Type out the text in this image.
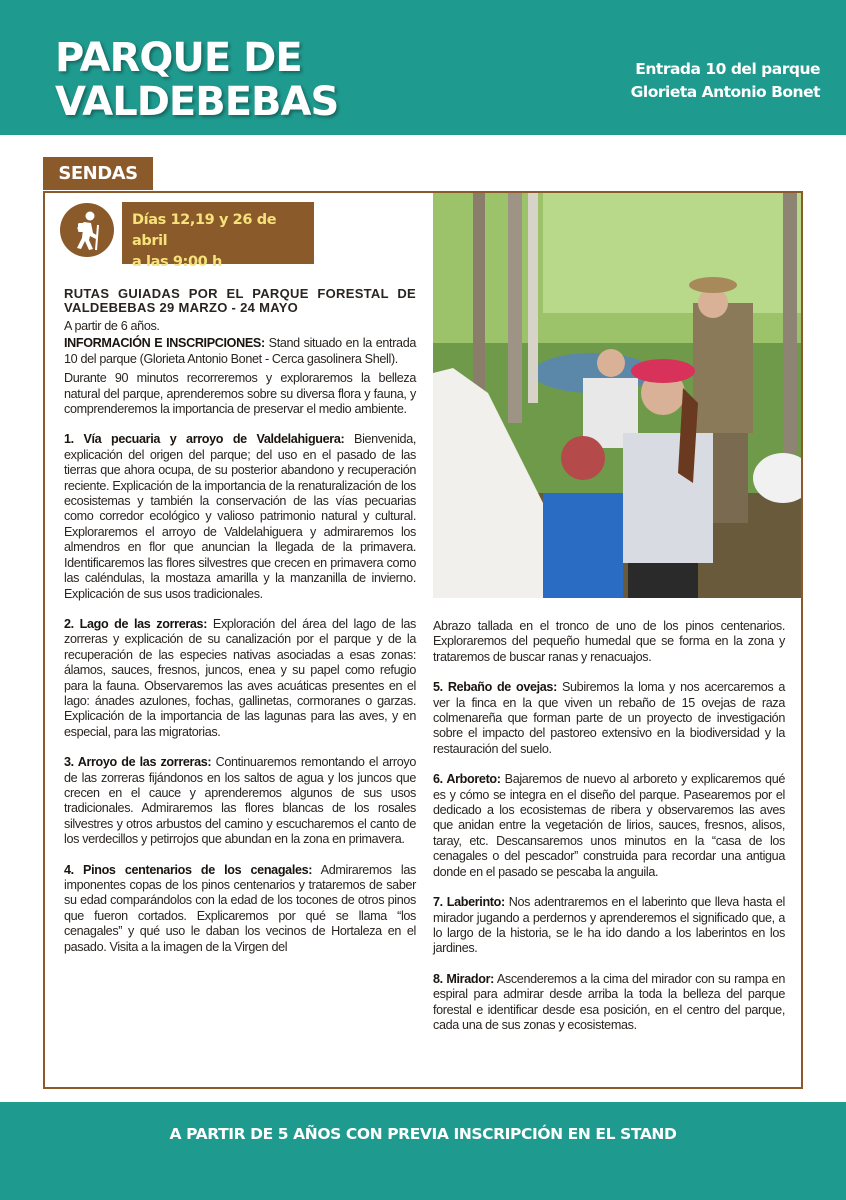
PARQUE DE
VALDEBEBAS
Entrada 10 del parque
Glorieta Antonio Bonet
SENDAS
Días 12,19 y 26 de abril
a las 9:00 h

RUTAS GUIADAS POR EL PARQUE FORESTAL DE VALDEBEBAS 29 MARZO - 24 MAYO

A partir de 6 años.

INFORMACIÓN E INSCRIPCIONES: Stand situado en la entrada 10 del parque (Glorieta Antonio Bonet - Cerca gasolinera Shell).

Durante 90 minutos recorreremos y exploraremos la belleza natural del parque, aprenderemos sobre su diversa flora y fauna, y comprenderemos la importancia de preservar el medio ambiente.

1. Vía pecuaria y arroyo de Valdelahiguera: Bienvenida, explicación del origen del parque; del uso en el pasado de las tierras que ahora ocupa, de su posterior abandono y recuperación reciente. Explicación de la importancia de la renaturalización de los ecosistemas y también la conservación de las vías pecuarias como corredor ecológico y valioso patrimonio natural y cultural. Exploraremos el arroyo de Valdelahiguera y admiraremos los almendros en flor que anuncian la llegada de la primavera. Identificaremos las flores silvestres que crecen en primavera como las caléndulas, la mostaza amarilla y la manzanilla de invierno. Explicación de sus usos tradicionales.

2. Lago de las zorreras: Exploración del área del lago de las zorreras y explicación de su canalización por el parque y de la recuperación de las especies nativas asociadas a esas zonas: álamos, sauces, fresnos, juncos, enea y su papel como refugio para la fauna. Observaremos las aves acuáticas presentes en el lago: ánades azulones, fochas, gallinetas, cormoranes o garzas. Explicación de la importancia de las lagunas para las aves, y en especial, para las migratorias.

3. Arroyo de las zorreras: Continuaremos remontando el arroyo de las zorreras fijándonos en los saltos de agua y los juncos que crecen en el cauce y aprenderemos algunos de sus usos tradicionales. Admiraremos las flores blancas de los rosales silvestres y otros arbustos del camino y escucharemos el canto de los verdecillos y petirrojos que abundan en la zona en primavera.

4. Pinos centenarios de los cenagales: Admiraremos las imponentes copas de los pinos centenarios y trataremos de saber su edad comparándolos con la edad de los tocones de otros pinos que fueron cortados. Explicaremos por qué se llama “los cenagales” y qué uso le daban los vecinos de Hortaleza en el pasado. Visita a la imagen de la Virgen del

Abrazo tallada en el tronco de uno de los pinos centenarios. Exploraremos del pequeño humedal que se forma en la zona y trataremos de buscar ranas y renacuajos.

5. Rebaño de ovejas: Subiremos la loma y nos acercaremos a ver la finca en la que viven un rebaño de 15 ovejas de raza colmenareña que forman parte de un proyecto de investigación sobre el impacto del pastoreo extensivo en la biodiversidad y la restauración del suelo.

6. Arboreto: Bajaremos de nuevo al arboreto y explicaremos qué es y cómo se integra en el diseño del parque. Pasearemos por el dedicado a los ecosistemas de ribera y observaremos las aves que anidan entre la vegetación de lirios, sauces, fresnos, alisos, taray, etc. Descansaremos unos minutos en la “casa de los cenagales o del pescador” construida para recordar una antigua donde en el pasado se pescaba la anguila.

7. Laberinto: Nos adentraremos en el laberinto que lleva hasta el mirador jugando a perdernos y aprenderemos el significado que, a lo largo de la historia, se le ha ido dando a los laberintos en los jardines.

8. Mirador: Ascenderemos a la cima del mirador con su rampa en espiral para admirar desde arriba la toda la belleza del parque forestal e identificar desde esa posición, en el centro del parque, cada una de sus zonas y ecosistemas.

A PARTIR DE 5 AÑOS CON PREVIA INSCRIPCIÓN EN EL STAND
